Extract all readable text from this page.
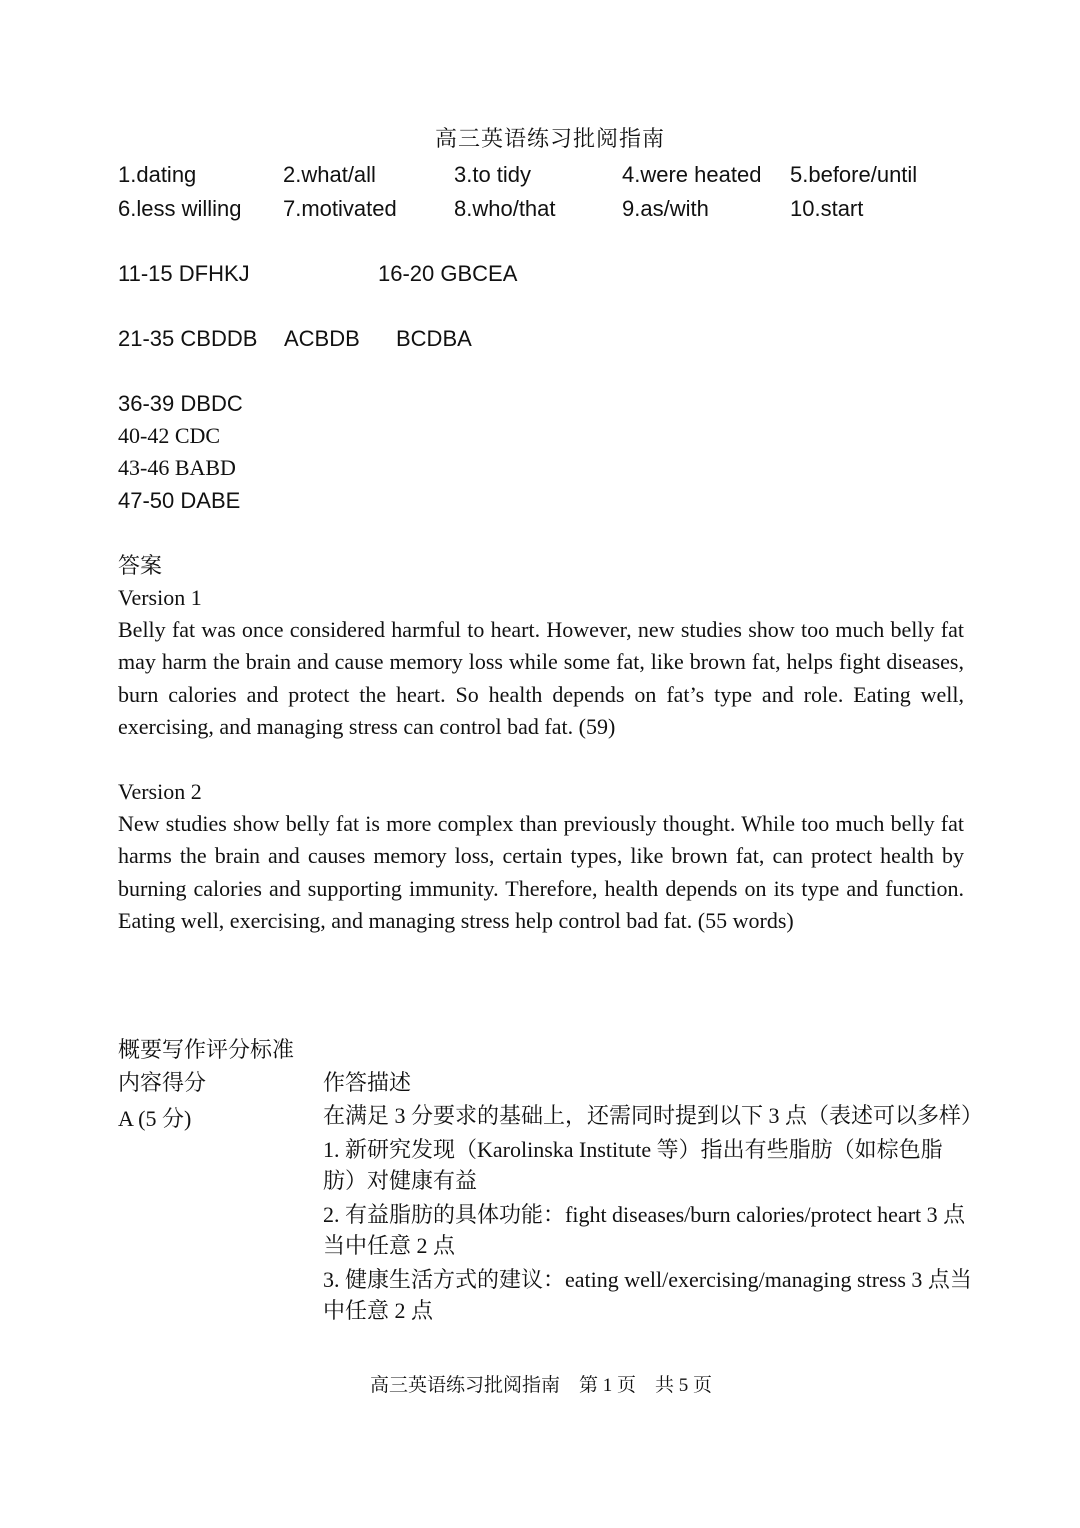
高三英语练习批阅指南
1.dating	2.what/all	3.to tidy	4.were heated 5.before/until
6.less willing 7.motivated	8.who/that	9.as/with	10.start
11-15 DFHKJ	16-20 GBCEA
21-35 CBDDB ACBDB BCDBA
36-39 DBDC
40-42 CDC
43-46 BABD
47-50 DABE
答案
Version 1

Belly fat was once considered harmful to heart. However, new studies show too much belly fat may harm the brain and cause memory loss while some fat, like brown fat, helps fight diseases, burn calories and protect the heart. So health depends on fat’s type and role. Eating well, exercising, and managing stress can control bad fat. (59)

Version 2

New studies show belly fat is more complex than previously thought. While too much belly fat harms the brain and causes memory loss, certain types, like brown fat, can protect health by burning calories and supporting immunity. Therefore, health depends on its type and function. Eating well, exercising, and managing stress help control bad fat. (55 words)

概要写作评分标准
内容得分	作答描述
A (5 分)	在满足 3 分要求的基础上，还需同时提到以下 3 点（表述可以多样）
1. 新研究发现（Karolinska Institute 等）指出有些脂肪（如棕色脂肪）对健康有益
2. 有益脂肪的具体功能：fight diseases/burn calories/protect heart 3 点当中任意 2 点
3. 健康生活方式的建议：eating well/exercising/managing stress 3 点当中任意 2 点
高三英语练习批阅指南　第 1 页　共 5 页
